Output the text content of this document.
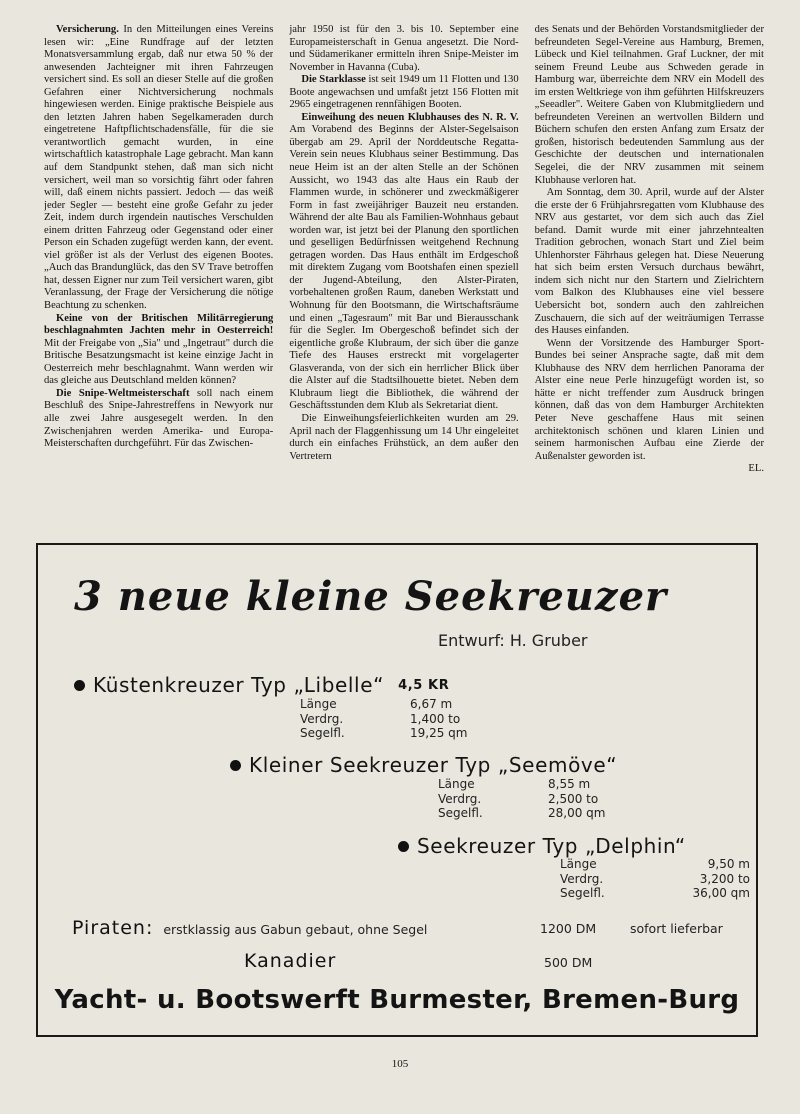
Versicherung. In den Mitteilungen eines Vereins lesen wir: „Eine Rundfrage auf der letzten Monatsversammlung ergab, daß nur etwa 50 % der anwesenden Jachteigner mit ihren Fahrzeugen versichert sind. Es soll an dieser Stelle auf die großen Gefahren einer Nichtversicherung nochmals hingewiesen werden. Einige praktische Beispiele aus den letzten Jahren haben Segelkameraden durch eingetretene Haftpflichtschadensfälle, für die sie verantwortlich gemacht wurden, in eine wirtschaftlich katastrophale Lage gebracht. Man kann auf dem Standpunkt stehen, daß man sich nicht versichert, weil man so vorsichtig fährt oder fahren will, daß einem nichts passiert. Jedoch — das weiß jeder Segler — besteht eine große Gefahr zu jeder Zeit, indem durch irgendein nautisches Verschulden einem dritten Fahrzeug oder Gegenstand oder einer Person ein Schaden zugefügt werden kann, der event. viel größer ist als der Verlust des eigenen Bootes. „Auch das Brandunglück, das den SV Trave betroffen hat, dessen Eigner nur zum Teil versichert waren, gibt Veranlassung, der Frage der Versicherung die nötige Beachtung zu schenken.

Keine von der Britischen Militärregierung beschlagnahmten Jachten mehr in Oesterreich! Mit der Freigabe von „Sia" und „Ingetraut" durch die Britische Besatzungsmacht ist keine einzige Jacht in Oesterreich mehr beschlagnahmt. Wann werden wir das gleiche aus Deutschland melden können?

Die Snipe-Weltmeisterschaft soll nach einem Beschluß des Snipe-Jahrestreffens in Newyork nur alle zwei Jahre ausgesegelt werden. In den Zwischenjahren werden Amerika- und Europa-Meisterschaften durchgeführt. Für das Zwischen-

jahr 1950 ist für den 3. bis 10. September eine Europameisterschaft in Genua angesetzt. Die Nord- und Südamerikaner ermitteln ihren Snipe-Meister im November in Havanna (Cuba).

Die Starklasse ist seit 1949 um 11 Flotten und 130 Boote angewachsen und umfaßt jetzt 156 Flotten mit 2965 eingetragenen rennfähigen Booten.

Einweihung des neuen Klubhauses des N. R. V. Am Vorabend des Beginns der Alster-Segelsaison übergab am 29. April der Norddeutsche Regatta-Verein sein neues Klubhaus seiner Bestimmung. Das neue Heim ist an der alten Stelle an der Schönen Aussicht, wo 1943 das alte Haus ein Raub der Flammen wurde, in schönerer und zweckmäßigerer Form in fast zweijähriger Bauzeit neu erstanden. Während der alte Bau als Familien-Wohnhaus gebaut worden war, ist jetzt bei der Planung den sportlichen und geselligen Bedürfnissen weitgehend Rechnung getragen worden. Das Haus enthält im Erdgeschoß mit direktem Zugang vom Bootshafen einen speziell der Jugend-Abteilung, den Alster-Piraten, vorbehaltenen großen Raum, daneben Werkstatt und Wohnung für den Bootsmann, die Wirtschaftsräume und einen „Tagesraum" mit Bar und Bierausschank für die Segler. Im Obergeschoß befindet sich der eigentliche große Klubraum, der sich über die ganze Tiefe des Hauses erstreckt mit vorgelagerter Glasveranda, von der sich ein herrlicher Blick über die Alster auf die Stadtsilhouette bietet. Neben dem Klubraum liegt die Bibliothek, die während der Geschäftsstunden dem Klub als Sekretariat dient.

Die Einweihungsfeierlichkeiten wurden am 29. April nach der Flaggenhissung um 14 Uhr eingeleitet durch ein einfaches Frühstück, an dem außer den Vertretern

des Senats und der Behörden Vorstandsmitglieder der befreundeten Segel-Vereine aus Hamburg, Bremen, Lübeck und Kiel teilnahmen. Graf Luckner, der mit seinem Freund Leube aus Schweden gerade in Hamburg war, überreichte dem NRV ein Modell des im ersten Weltkriege von ihm geführten Hilfskreuzers „Seeadler". Weitere Gaben von Klubmitgliedern und befreundeten Vereinen an wertvollen Bildern und Büchern schufen den ersten Anfang zum Ersatz der großen, historisch bedeutenden Sammlung aus der Geschichte der deutschen und internationalen Segelei, die der NRV zusammen mit seinem Klubhause verloren hat.

Am Sonntag, dem 30. April, wurde auf der Alster die erste der 6 Frühjahrsregatten vom Klubhause des NRV aus gestartet, vor dem sich auch das Ziel befand. Damit wurde mit einer jahrzehntealten Tradition gebrochen, wonach Start und Ziel beim Uhlenhorster Fährhaus gelegen hat. Diese Neuerung hat sich beim ersten Versuch durchaus bewährt, indem sich nicht nur den Startern und Zielrichtern vom Balkon des Klubhauses eine viel bessere Uebersicht bot, sondern auch den zahlreichen Zuschauern, die sich auf der weiträumigen Terrasse des Hauses einfanden.

Wenn der Vorsitzende des Hamburger Sport-Bundes bei seiner Ansprache sagte, daß mit dem Klubhause des NRV dem herrlichen Panorama der Alster eine neue Perle hinzugefügt worden ist, so hätte er nicht treffender zum Ausdruck bringen können, daß das von dem Hamburger Architekten Peter Neve geschaffene Haus mit seinen architektonisch schönen und klaren Linien und seinem harmonischen Aufbau eine Zierde der Außenalster geworden ist.

EL.
3 neue kleine Seekreuzer
Entwurf: H. Gruber
Küstenkreuzer Typ „Libelle“ 4,5 KR
Länge	6,67 m
Verdrg.	1,400 to
Segelfl.	19,25 qm
Kleiner Seekreuzer Typ „Seemöve“
Länge	8,55 m
Verdrg.	2,500 to
Segelfl.	28,00 qm
Seekreuzer Typ „Delphin“
Länge	9,50 m
Verdrg.	3,200 to
Segelfl.	36,00 qm
Piraten: erstklassig aus Gabun gebaut, ohne Segel	1200 DM	sofort lieferbar
Kanadier	500 DM
Yacht- u. Bootswerft Burmester, Bremen-Burg
105
